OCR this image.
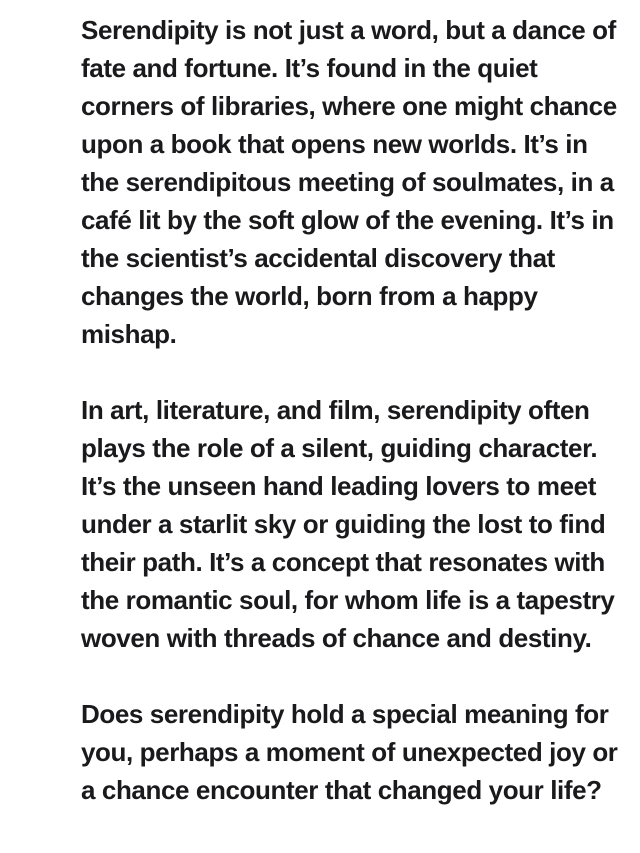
Serendipity is not just a word, but a dance of
fate and fortune. It’s found in the quiet
corners of libraries, where one might chance
upon a book that opens new worlds. It’s in
the serendipitous meeting of soulmates, in a
café lit by the soft glow of the evening. It’s in
the scientist’s accidental discovery that
changes the world, born from a happy
mishap.
In art, literature, and film, serendipity often
plays the role of a silent, guiding character.
It’s the unseen hand leading lovers to meet
under a starlit sky or guiding the lost to find
their path. It’s a concept that resonates with
the romantic soul, for whom life is a tapestry
woven with threads of chance and destiny.
Does serendipity hold a special meaning for
you, perhaps a moment of unexpected joy or
a chance encounter that changed your life?
